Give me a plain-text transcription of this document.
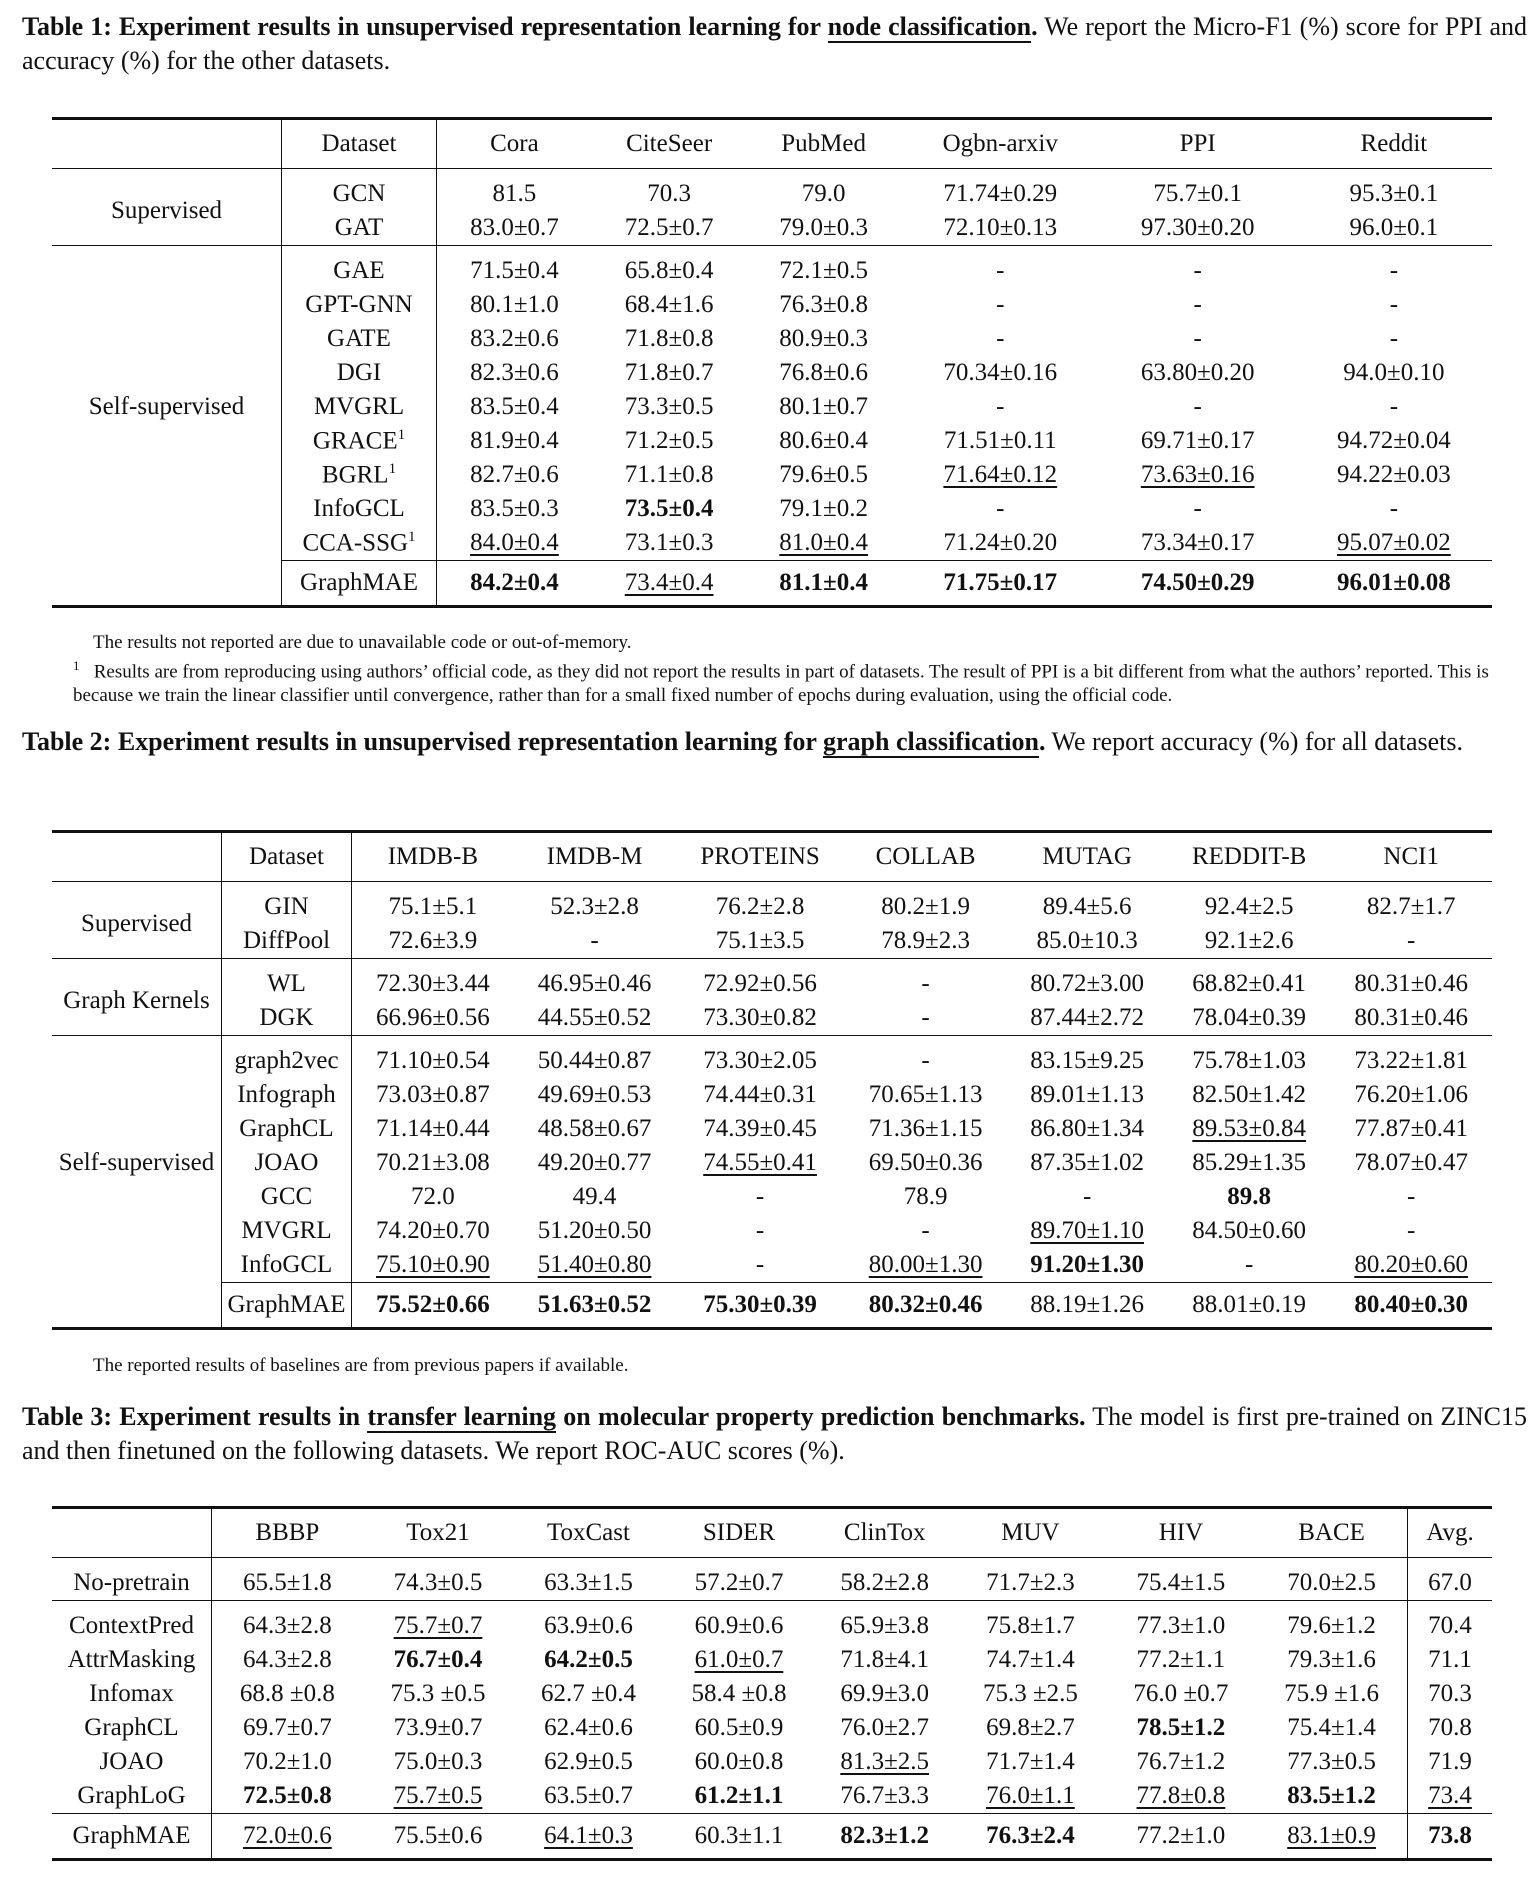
Table 1: Experiment results in unsupervised representation learning for node classification. We report the Micro-F1 (%) score for PPI and accuracy (%) for the other datasets.
	Dataset	Cora	CiteSeer	PubMed	Ogbn-arxiv	PPI	Reddit
Supervised	GCN	81.5	70.3	79.0	71.74±0.29	75.7±0.1	95.3±0.1
	GAT	83.0±0.7	72.5±0.7	79.0±0.3	72.10±0.13	97.30±0.20	96.0±0.1
Self-supervised	GAE	71.5±0.4	65.8±0.4	72.1±0.5	-	-	-
	GPT-GNN	80.1±1.0	68.4±1.6	76.3±0.8	-	-	-
	GATE	83.2±0.6	71.8±0.8	80.9±0.3	-	-	-
	DGI	82.3±0.6	71.8±0.7	76.8±0.6	70.34±0.16	63.80±0.20	94.0±0.10
	MVGRL	83.5±0.4	73.3±0.5	80.1±0.7	-	-	-
	GRACE$^1$	81.9±0.4	71.2±0.5	80.6±0.4	71.51±0.11	69.71±0.17	94.72±0.04
	BGRL$^1$	82.7±0.6	71.1±0.8	79.6±0.5	71.64±0.12	73.63±0.16	94.22±0.03
	InfoGCL	83.5±0.3	73.5±0.4	79.1±0.2	-	-	-
	CCA-SSG$^1$	84.0±0.4	73.1±0.3	81.0±0.4	71.24±0.20	73.34±0.17	95.07±0.02
	GraphMAE	84.2±0.4	73.4±0.4	81.1±0.4	71.75±0.17	74.50±0.29	96.01±0.08
The results not reported are due to unavailable code or out-of-memory.
$^1$ Results are from reproducing using authors’ official code, as they did not report the results in part of datasets. The result of PPI is a bit different from what the authors’ reported. This is because we train the linear classifier until convergence, rather than for a small fixed number of epochs during evaluation, using the official code.
Table 2: Experiment results in unsupervised representation learning for graph classification. We report accuracy (%) for all datasets.
	Dataset	IMDB-B	IMDB-M	PROTEINS	COLLAB	MUTAG	REDDIT-B	NCI1
Supervised	GIN	75.1±5.1	52.3±2.8	76.2±2.8	80.2±1.9	89.4±5.6	92.4±2.5	82.7±1.7
	DiffPool	72.6±3.9	-	75.1±3.5	78.9±2.3	85.0±10.3	92.1±2.6	-
Graph Kernels	WL	72.30±3.44	46.95±0.46	72.92±0.56	-	80.72±3.00	68.82±0.41	80.31±0.46
	DGK	66.96±0.56	44.55±0.52	73.30±0.82	-	87.44±2.72	78.04±0.39	80.31±0.46
Self-supervised	graph2vec	71.10±0.54	50.44±0.87	73.30±2.05	-	83.15±9.25	75.78±1.03	73.22±1.81
	Infograph	73.03±0.87	49.69±0.53	74.44±0.31	70.65±1.13	89.01±1.13	82.50±1.42	76.20±1.06
	GraphCL	71.14±0.44	48.58±0.67	74.39±0.45	71.36±1.15	86.80±1.34	89.53±0.84	77.87±0.41
	JOAO	70.21±3.08	49.20±0.77	74.55±0.41	69.50±0.36	87.35±1.02	85.29±1.35	78.07±0.47
	GCC	72.0	49.4	-	78.9	-	89.8	-
	MVGRL	74.20±0.70	51.20±0.50	-	-	89.70±1.10	84.50±0.60	-
	InfoGCL	75.10±0.90	51.40±0.80	-	80.00±1.30	91.20±1.30	-	80.20±0.60
	GraphMAE	75.52±0.66	51.63±0.52	75.30±0.39	80.32±0.46	88.19±1.26	88.01±0.19	80.40±0.30
The reported results of baselines are from previous papers if available.
Table 3: Experiment results in transfer learning on molecular property prediction benchmarks. The model is first pre-trained on ZINC15 and then finetuned on the following datasets. We report ROC-AUC scores (%).
	BBBP	Tox21	ToxCast	SIDER	ClinTox	MUV	HIV	BACE	Avg.
No-pretrain	65.5±1.8	74.3±0.5	63.3±1.5	57.2±0.7	58.2±2.8	71.7±2.3	75.4±1.5	70.0±2.5	67.0
ContextPred	64.3±2.8	75.7±0.7	63.9±0.6	60.9±0.6	65.9±3.8	75.8±1.7	77.3±1.0	79.6±1.2	70.4
AttrMasking	64.3±2.8	76.7±0.4	64.2±0.5	61.0±0.7	71.8±4.1	74.7±1.4	77.2±1.1	79.3±1.6	71.1
Infomax	68.8 ±0.8	75.3 ±0.5	62.7 ±0.4	58.4 ±0.8	69.9±3.0	75.3 ±2.5	76.0 ±0.7	75.9 ±1.6	70.3
GraphCL	69.7±0.7	73.9±0.7	62.4±0.6	60.5±0.9	76.0±2.7	69.8±2.7	78.5±1.2	75.4±1.4	70.8
JOAO	70.2±1.0	75.0±0.3	62.9±0.5	60.0±0.8	81.3±2.5	71.7±1.4	76.7±1.2	77.3±0.5	71.9
GraphLoG	72.5±0.8	75.7±0.5	63.5±0.7	61.2±1.1	76.7±3.3	76.0±1.1	77.8±0.8	83.5±1.2	73.4
GraphMAE	72.0±0.6	75.5±0.6	64.1±0.3	60.3±1.1	82.3±1.2	76.3±2.4	77.2±1.0	83.1±0.9	73.8
